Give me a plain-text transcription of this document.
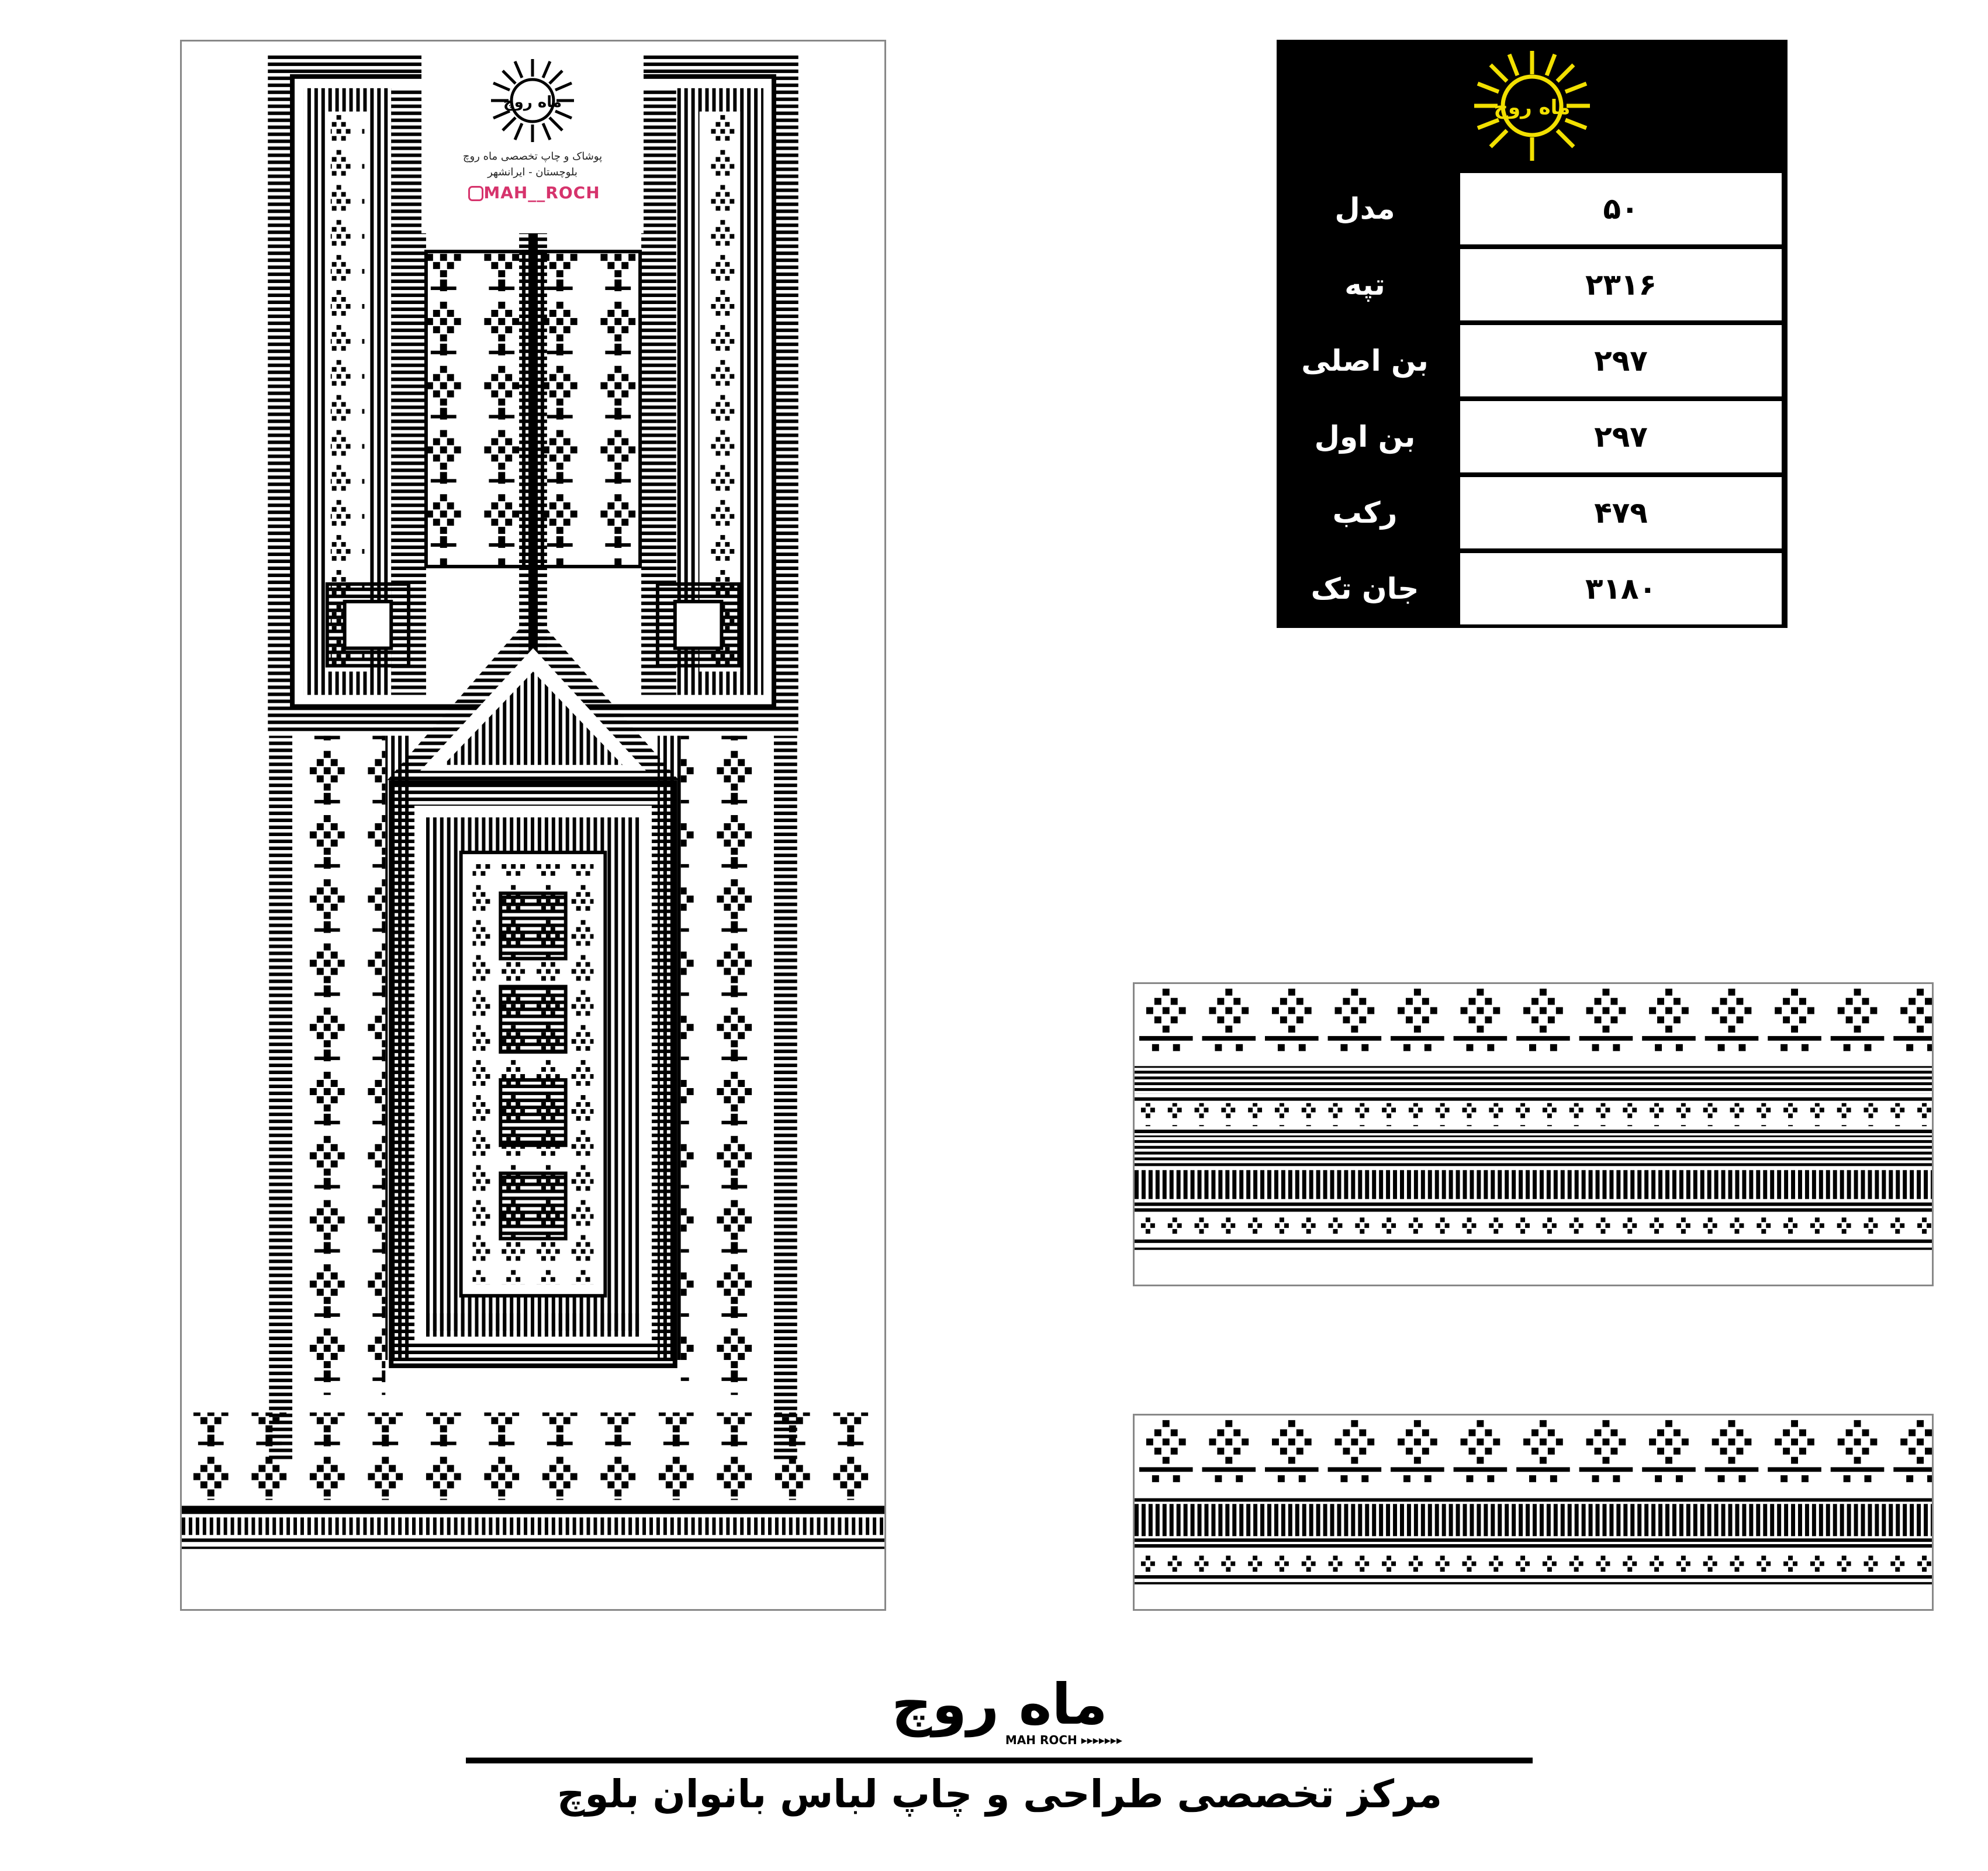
ماه روچ
پوشاک و چاپ تخصصی ماه روچ
بلوچستان - ایرانشهر
MAH__ROCH
ماه روچ
مدل	۵۰
تپه	۲۳۱۶
بن اصلی	۲۹۷
بن اول	۲۹۷
رکب	۴۷۹
جان تک	۳۱۸۰
ماه روچ
MAH ROCH ▸▸▸▸▸▸▸
مرکز تخصصی طراحی و چاپ لباس بانوان بلوچ
